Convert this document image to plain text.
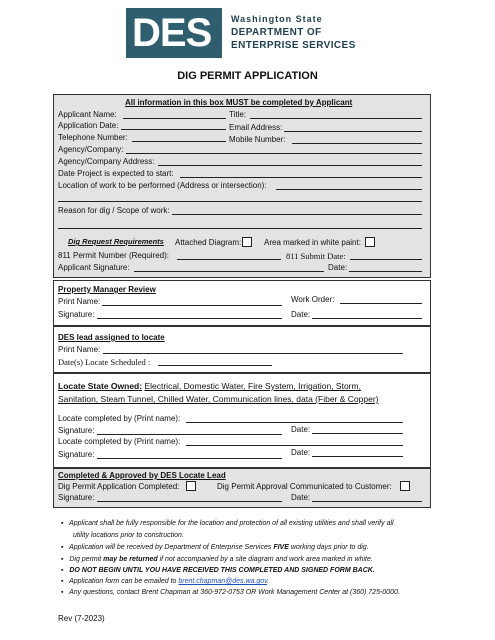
DES Washington State
DEPARTMENT OF
ENTERPRISE SERVICES
DIG PERMIT APPLICATION
All information in this box MUST be completed by Applicant
Applicant Name:	Title:
Application Date:	Email Address:
Telephone Number:	Mobile Number:
Agency/Company:
Agency/Company Address:
Date Project is expected to start:
Location of work to be performed (Address or intersection):
Reason for dig / Scope of work:
Dig Request Requirements Attached Diagram:	Area marked in white paint:
811 Permit Number (Required):	811 Submit Date:
Applicant Signature:	Date:
Property Manager Review
Print Name:	Work Order:
Signature:	Date:
DES lead assigned to locate
Print Name:
Date(s) Locate Scheduled :
Locate State Owned: Electrical, Domestic Water, Fire System, Irrigation, Storm,
Sanitation, Steam Tunnel, Chilled Water, Communication lines, data (Fiber & Copper)
Locate completed by (Print name):
Signature:	Date:
Locate completed by (Print name):
Signature:	Date:
Completed & Approved by DES Locate Lead
Dig Permit Application Completed:	Dig Permit Approval Communicated to Customer:
Signature:	Date:
▪ Applicant shall be fully responsible for the location and protection of all existing utilities and shall verify all
utility locations prior to construction.
▪ Application will be received by Department of Enterprise Services FIVE working days prior to dig.
▪ Dig permit may be returned if not accompanied by a site diagram and work area marked in white.
▪ DO NOT BEGIN UNTIL YOU HAVE RECEIVED THIS COMPLETED AND SIGNED FORM BACK.
▪ Application form can be emailed to brent.chapman@des.wa.gov.
▪ Any questions, contact Brent Chapman at 360-972-0753 OR Work Management Center at (360) 725-0000.
Rev (7-2023)
